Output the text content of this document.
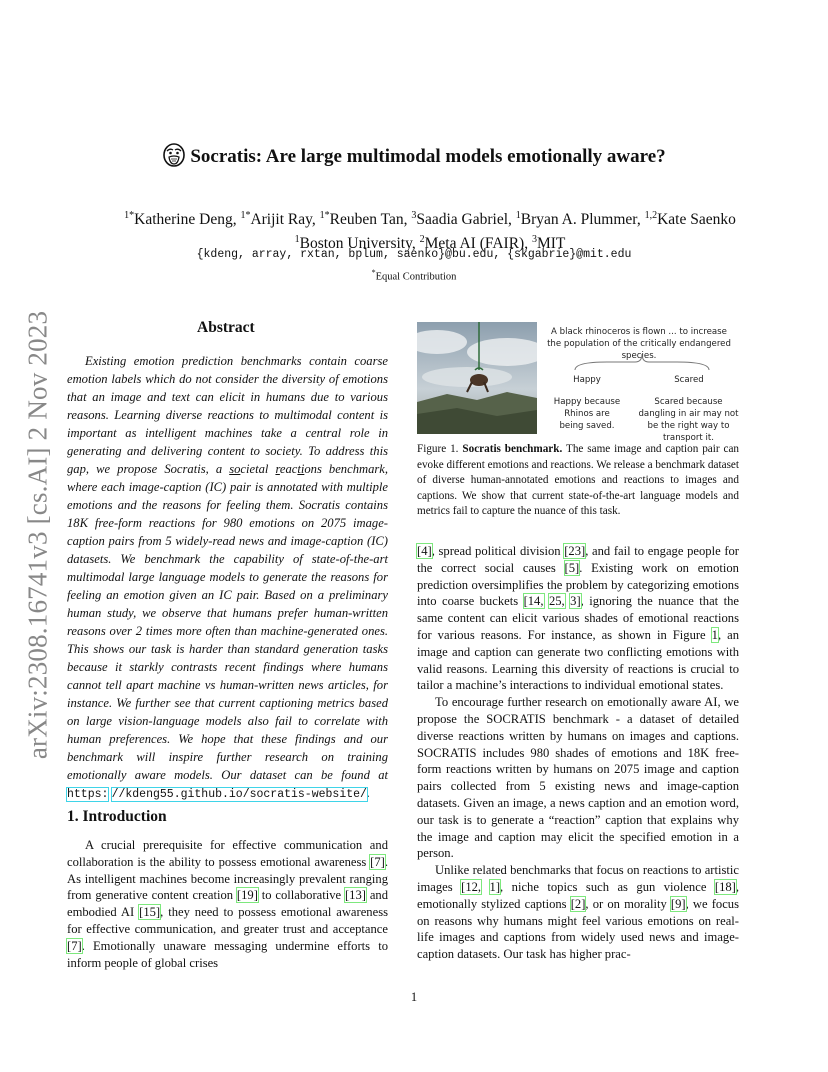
arXiv:2308.16741v3 [cs.AI] 2 Nov 2023
Socratis: Are large multimodal models emotionally aware?
$^{1*}$Katherine Deng, $^{1*}$Arijit Ray, $^{1*}$Reuben Tan, $^3$Saadia Gabriel, $^1$Bryan A. Plummer, $^{1,2}$Kate Saenko
$^1$Boston University, $^2$Meta AI (FAIR), $^3$MIT
{kdeng, array, rxtan, bplum, saenko}@bu.edu, {skgabrie}@mit.edu
*Equal Contribution
Abstract

Existing emotion prediction benchmarks contain coarse emotion labels which do not consider the diversity of emotions that an image and text can elicit in humans due to various reasons. Learning diverse reactions to multimodal content is important as intelligent machines take a central role in generating and delivering content to society. To address this gap, we propose Socratis, a societal reactions benchmark, where each image-caption (IC) pair is annotated with multiple emotions and the reasons for feeling them. Socratis contains 18K free-form reactions for 980 emotions on 2075 image-caption pairs from 5 widely-read news and image-caption (IC) datasets. We benchmark the capability of state-of-the-art multimodal large language models to generate the reasons for feeling an emotion given an IC pair. Based on a preliminary human study, we observe that humans prefer human-written reasons over 2 times more often than machine-generated ones. This shows our task is harder than standard generation tasks because it starkly contrasts recent findings where humans cannot tell apart machine vs human-written news articles, for instance. We further see that current captioning metrics based on large vision-language models also fail to correlate with human preferences. We hope that these findings and our benchmark will inspire further research on training emotionally aware models. Our dataset can be found at https: //kdeng55.github.io/socratis-website/.

1. Introduction

A crucial prerequisite for effective communication and collaboration is the ability to possess emotional awareness [7]. As intelligent machines become increasingly prevalent ranging from generative content creation [19] to collaborative [13] and embodied AI [15], they need to possess emotional awareness for effective communication, and greater trust and acceptance [7]. Emotionally unaware messaging undermine efforts to inform people of global crises

A black rhinoceros is flown ... to increase the population of the critically endangered species.
Happy	Scared
Happy because Rhinos are being saved.
Scared because dangling in air may not be the right way to transport it.
Figure 1. Socratis benchmark. The same image and caption pair can evoke different emotions and reactions. We release a benchmark dataset of diverse human-annotated emotions and reactions to images and captions. We show that current state-of-the-art language models and metrics fail to capture the nuance of this task.

[4], spread political division [23], and fail to engage people for the correct social causes [5]. Existing work on emotion prediction oversimplifies the problem by categorizing emotions into coarse buckets [14, 25, 3], ignoring the nuance that the same content can elicit various shades of emotional reactions for various reasons. For instance, as shown in Figure 1, an image and caption can generate two conflicting emotions with valid reasons. Learning this diversity of reactions is crucial to tailor a machine’s interactions to individual emotional states.

To encourage further research on emotionally aware AI, we propose the SOCRATIS benchmark - a dataset of detailed diverse reactions written by humans on images and captions. SOCRATIS includes 980 shades of emotions and 18K free-form reactions written by humans on 2075 image and caption pairs collected from 5 existing news and image-caption datasets. Given an image, a news caption and an emotion word, our task is to generate a “reaction” caption that explains why the image and caption may elicit the specified emotion in a person.

Unlike related benchmarks that focus on reactions to artistic images [12, 1], niche topics such as gun violence [18], emotionally stylized captions [2], or on morality [9], we focus on reasons why humans might feel various emotions on real-life images and captions from widely used news and image-caption datasets. Our task has higher prac-

1
